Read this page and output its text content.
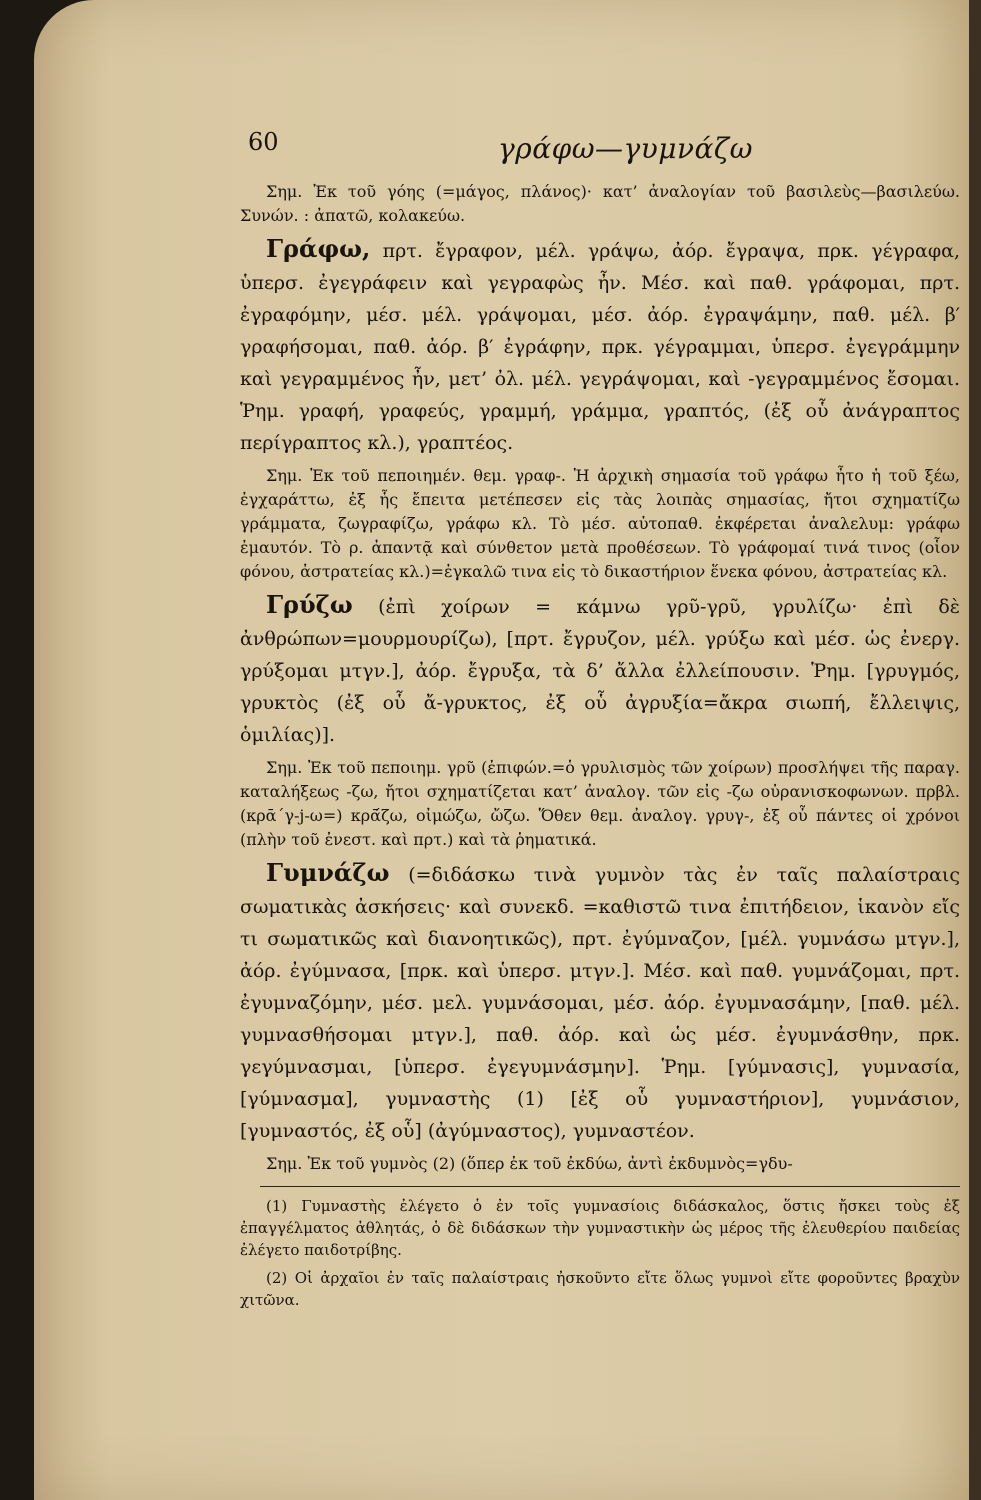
60	γράφω—γυμνάζω

Σημ. Ἐκ τοῦ γόης (=μάγος, πλάνος)· κατ’ ἀναλογίαν τοῦ βασιλεὺς—βασιλεύω. Συνών. : ἀπατῶ, κολακεύω.

Γράφω, πρτ. ἔγραφον, μέλ. γράψω, ἀόρ. ἔγραψα, πρκ. γέγραφα, ὑπερσ. ἐγεγράφειν καὶ γεγραφὼς ἦν. Μέσ. καὶ παθ. γράφομαι, πρτ. ἐγραφόμην, μέσ. μέλ. γράψομαι, μέσ. ἀόρ. ἐγραψάμην, παθ. μέλ. β′ γραφήσομαι, παθ. ἀόρ. β′ ἐγράφην, πρκ. γέγραμμαι, ὑπερσ. ἐγεγράμμην καὶ γεγραμμένος ἦν, μετ’ ὀλ. μέλ. γεγράψομαι, καὶ -γεγραμμένος ἔσομαι. Ῥημ. γραφή, γραφεύς, γραμμή, γράμμα, γραπτός, (ἐξ οὗ ἀνάγραπτος περίγραπτος κλ.), γραπτέος.

Σημ. Ἐκ τοῦ πεποιημέν. θεμ. γραφ-. Ἡ ἀρχικὴ σημασία τοῦ γράφω ἦτο ἡ τοῦ ξέω, ἐγχαράττω, ἐξ ἧς ἔπειτα μετέπεσεν εἰς τὰς λοιπὰς σημασίας, ἤτοι σχηματίζω γράμματα, ζωγραφίζω, γράφω κλ. Τὸ μέσ. αὐτοπαθ. ἐκφέρεται ἀναλελυμ: γράφω ἐμαυτόν. Τὸ ρ. ἀπαντᾷ καὶ σύνθετον μετὰ προθέσεων. Τὸ γράφομαί τινά τινος (οἷον φόνου, ἀστρατείας κλ.)=ἐγκαλῶ τινα εἰς τὸ δικαστήριον ἕνεκα φόνου, ἀστρατείας κλ.

Γρύζω (ἐπὶ χοίρων = κάμνω γρῦ-γρῦ, γρυλίζω· ἐπὶ δὲ ἀνθρώπων=μουρμουρίζω), [πρτ. ἔγρυζον, μέλ. γρύξω καὶ μέσ. ὡς ἐνεργ. γρύξομαι μτγν.], ἀόρ. ἔγρυξα, τὰ δ’ ἄλλα ἐλλείπουσιν. Ῥημ. [γρυγμός, γρυκτὸς (ἐξ οὗ ἄ-γρυκτος, ἐξ οὗ ἀγρυξία=ἄκρα σιωπή, ἔλλειψις, ὁμιλίας)].

Σημ. Ἐκ τοῦ πεποιημ. γρῦ (ἐπιφών.=ὁ γρυλισμὸς τῶν χοίρων) προσλήψει τῆς παραγ. καταλήξεως -ζω, ἤτοι σχηματίζεται κατ’ ἀναλογ. τῶν εἰς -ζω οὐρανισκοφωνων. πρβλ. (κρᾱ´γ-j-ω=) κρᾱ́ζω, οἰμώζω, ὤζω. Ὅθεν θεμ. ἀναλογ. γρυγ-, ἐξ οὗ πάντες οἱ χρόνοι (πλὴν τοῦ ἐνεστ. καὶ πρτ.) καὶ τὰ ῥηματικά.

Γυμνάζω (=διδάσκω τινὰ γυμνὸν τὰς ἐν ταῖς παλαίστραις σωματικὰς ἀσκήσεις· καὶ συνεκδ. =καθιστῶ τινα ἐπιτήδειον, ἱκανὸν εἴς τι σωματικῶς καὶ διανοητικῶς), πρτ. ἐγύμναζον, [μέλ. γυμνάσω μτγν.], ἀόρ. ἐγύμνασα, [πρκ. καὶ ὑπερσ. μτγν.]. Μέσ. καὶ παθ. γυμνάζομαι, πρτ. ἐγυμναζόμην, μέσ. μελ. γυμνάσομαι, μέσ. ἀόρ. ἐγυμνασάμην, [παθ. μέλ. γυμνασθήσομαι μτγν.], παθ. ἀόρ. καὶ ὡς μέσ. ἐγυμνάσθην, πρκ. γεγύμνασμαι, [ὑπερσ. ἐγεγυμνάσμην]. Ῥημ. [γύμνασις], γυμνασία, [γύμνασμα], γυμναστὴς (1) [ἐξ οὗ γυμναστήριον], γυμνάσιον, [γυμναστός, ἐξ οὗ] (ἀγύμναστος), γυμναστέον.

Σημ. Ἐκ τοῦ γυμνὸς (2) (ὅπερ ἐκ τοῦ ἐκδύω, ἀντὶ ἐκδυμνὸς=γδυ-

(1) Γυμναστὴς ἐλέγετο ὁ ἐν τοῖς γυμνασίοις διδάσκαλος, ὅστις ἤσκει τοὺς ἐξ ἐπαγγέλματος ἀθλητάς, ὁ δὲ διδάσκων τὴν γυμναστικὴν ὡς μέρος τῆς ἐλευθερίου παιδείας ἐλέγετο παιδοτρίβης.

(2) Οἱ ἀρχαῖοι ἐν ταῖς παλαίστραις ἠσκοῦντο εἴτε ὅλως γυμνοὶ εἴτε φοροῦντες βραχὺν χιτῶνα.
